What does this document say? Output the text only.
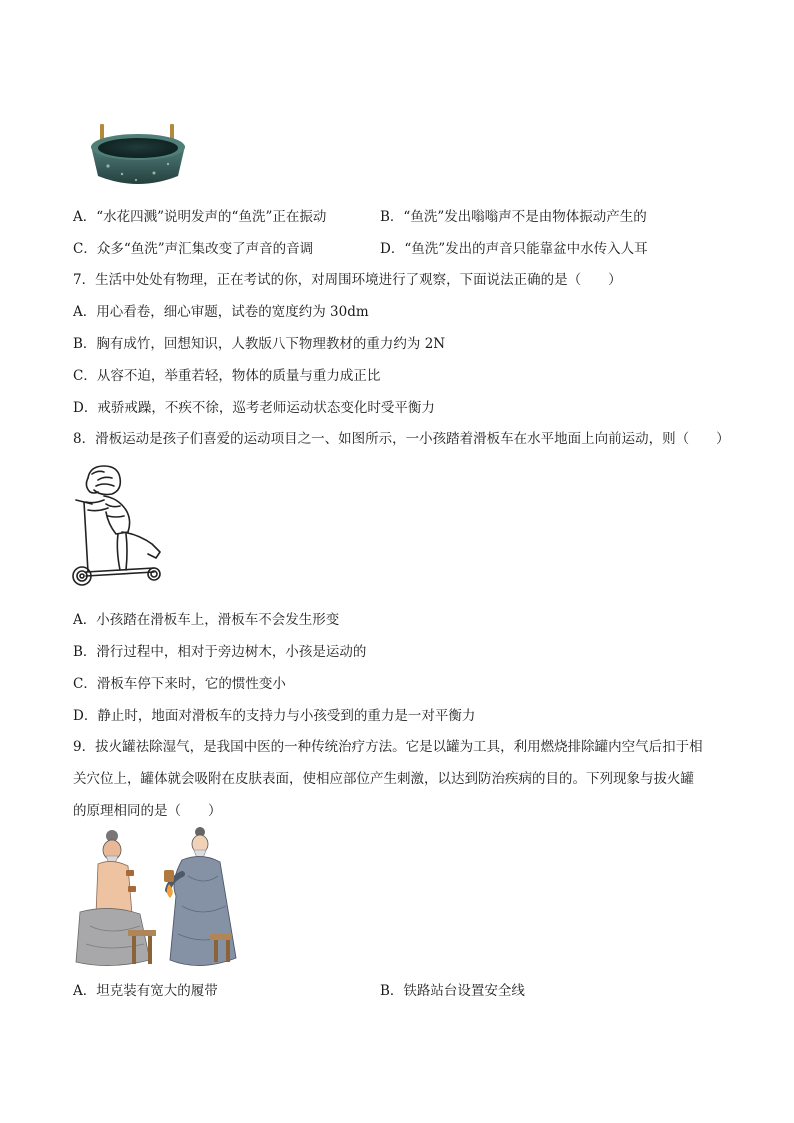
A．“水花四溅”说明发声的“鱼洗”正在振动	B．“鱼洗”发出嗡嗡声不是由物体振动产生的
C．众多“鱼洗”声汇集改变了声音的音调	D．“鱼洗”发出的声音只能靠盆中水传入人耳
7．生活中处处有物理，正在考试的你，对周围环境进行了观察，下面说法正确的是（　　）
A．用心看卷，细心审题，试卷的宽度约为 30dm
B．胸有成竹，回想知识，人教版八下物理教材的重力约为 2N
C．从容不迫，举重若轻，物体的质量与重力成正比
D．戒骄戒躁，不疾不徐，巡考老师运动状态变化时受平衡力
8．滑板运动是孩子们喜爱的运动项目之一、如图所示，一小孩踏着滑板车在水平地面上向前运动，则（　　）
A．小孩踏在滑板车上，滑板车不会发生形变
B．滑行过程中，相对于旁边树木，小孩是运动的
C．滑板车停下来时，它的惯性变小
D．静止时，地面对滑板车的支持力与小孩受到的重力是一对平衡力
9．拔火罐祛除湿气，是我国中医的一种传统治疗方法。它是以罐为工具，利用燃烧排除罐内空气后扣于相
关穴位上，罐体就会吸附在皮肤表面，使相应部位产生刺激，以达到防治疾病的目的。下列现象与拔火罐
的原理相同的是（　　）
A．坦克装有宽大的履带	B．铁路站台设置安全线
